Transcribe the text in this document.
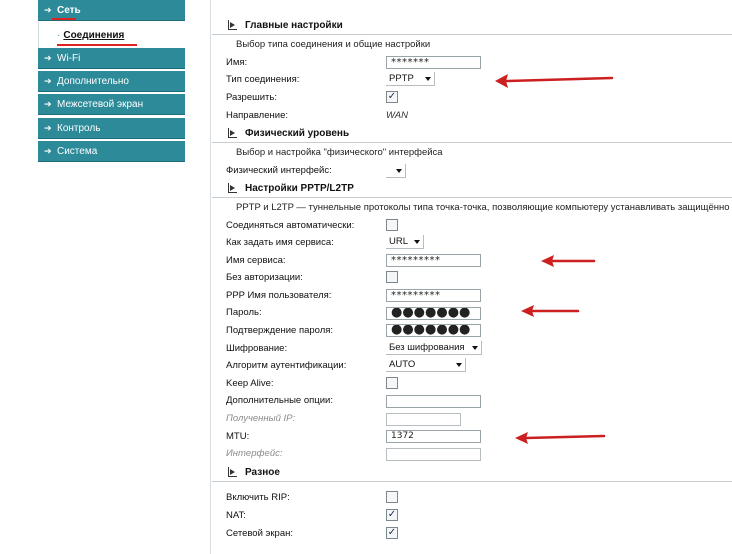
➔ Сеть
· Соединения
➔ Wi-Fi
➔ Дополнительно
➔ Межсетевой экран
➔ Контроль
➔ Система
Главные настройки
Выбор типа соединения и общие настройки
Имя:	*******
Тип соединения:	PPTP
Разрешить:	✓
Направление:	WAN
Физический уровень
Выбор и настройка "физического" интерфейса
Физический интерфейс:
Настройки PPTP/L2TP
PPTP и L2TP — туннельные протоколы типа точка-точка, позволяющие компьютеру устанавливать защищённо
Соединяться автоматически:
Как задать имя сервиса:	URL
Имя сервиса:	*********
Без авторизации:
PPP Имя пользователя:	*********
Пароль:	●●●●●●●
Подтверждение пароля:	●●●●●●●
Шифрование:	Без шифрования
Алгоритм аутентификации:	AUTO
Keep Alive:
Дополнительные опции:
Полученный IP:
MTU:	1372
Интерфейс:
Разное
Включить RIP:
NAT:	✓
Сетевой экран:	✓
